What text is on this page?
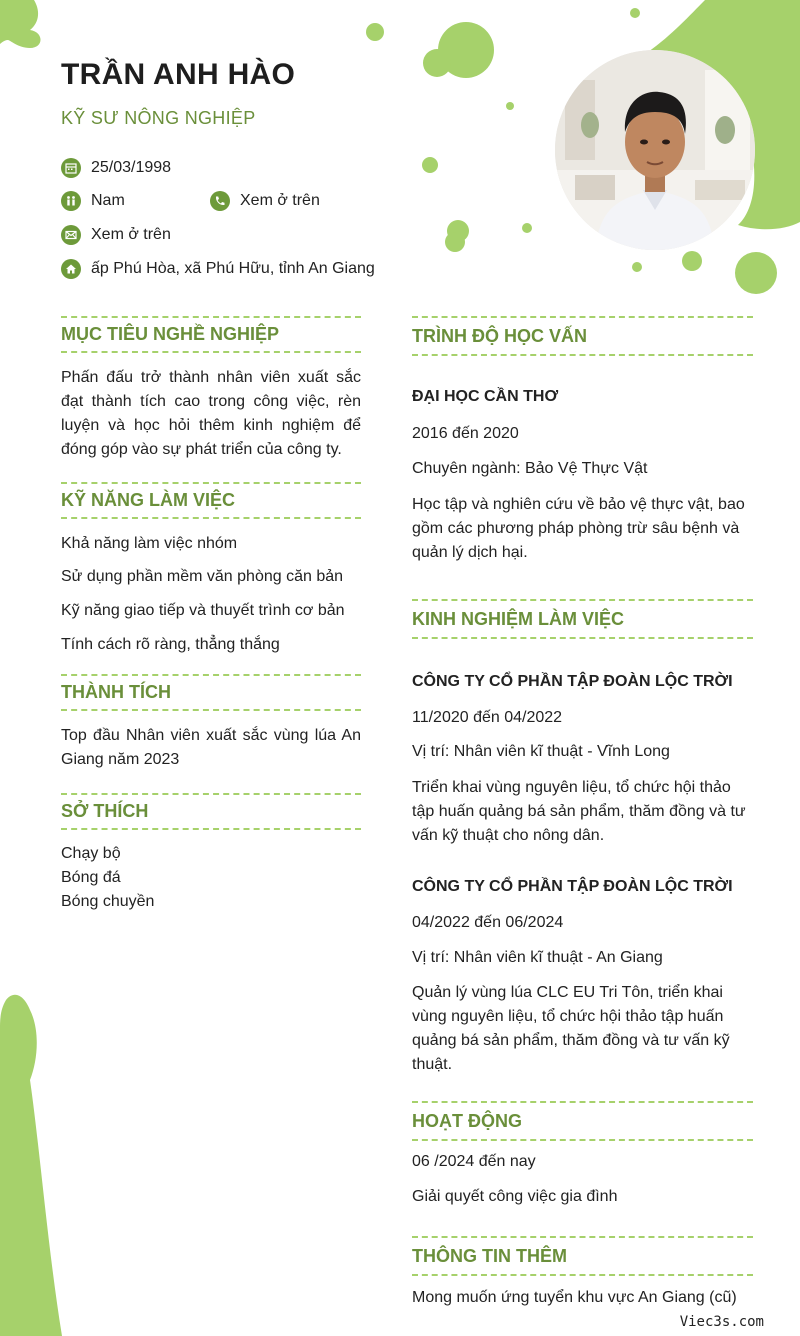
TRẦN ANH HÀO
KỸ SƯ NÔNG NGHIỆP
25/03/1998
Nam	Xem ở trên
Xem ở trên
ấp Phú Hòa, xã Phú Hữu, tỉnh An Giang
MỤC TIÊU NGHỀ NGHIỆP
Phấn đấu trở thành nhân viên xuất sắc đạt thành tích cao trong công việc, rèn luyện và học hỏi thêm kinh nghiệm để đóng góp vào sự phát triển của công ty.
KỸ NĂNG LÀM VIỆC
Khả năng làm việc nhóm
Sử dụng phần mềm văn phòng căn bản
Kỹ năng giao tiếp và thuyết trình cơ bản
Tính cách rõ ràng, thẳng thắng
THÀNH TÍCH
Top đầu Nhân viên xuất sắc vùng lúa An Giang năm 2023
SỞ THÍCH
Chạy bộ
Bóng đá
Bóng chuyền
TRÌNH ĐỘ HỌC VẤN
ĐẠI HỌC CẦN THƠ
2016 đến 2020
Chuyên ngành: Bảo Vệ Thực Vật
Học tập và nghiên cứu về bảo vệ thực vật, bao gồm các phương pháp phòng trừ sâu bệnh và quản lý dịch hại.
KINH NGHIỆM LÀM VIỆC
CÔNG TY CỔ PHẦN TẬP ĐOÀN LỘC TRỜI
11/2020 đến 04/2022
Vị trí: Nhân viên kĩ thuật - Vĩnh Long
Triển khai vùng nguyên liệu, tổ chức hội thảo tập huấn quảng bá sản phẩm, thăm đồng và tư vấn kỹ thuật cho nông dân.
CÔNG TY CỔ PHẦN TẬP ĐOÀN LỘC TRỜI
04/2022 đến 06/2024
Vị trí: Nhân viên kĩ thuật - An Giang
Quản lý vùng lúa CLC EU Tri Tôn, triển khai vùng nguyên liệu, tổ chức hội thảo tập huấn quảng bá sản phẩm, thăm đồng và tư vấn kỹ thuật.
HOẠT ĐỘNG
06 /2024 đến nay
Giải quyết công việc gia đình
THÔNG TIN THÊM
Mong muốn ứng tuyển khu vực An Giang (cũ)
Viec3s.com
